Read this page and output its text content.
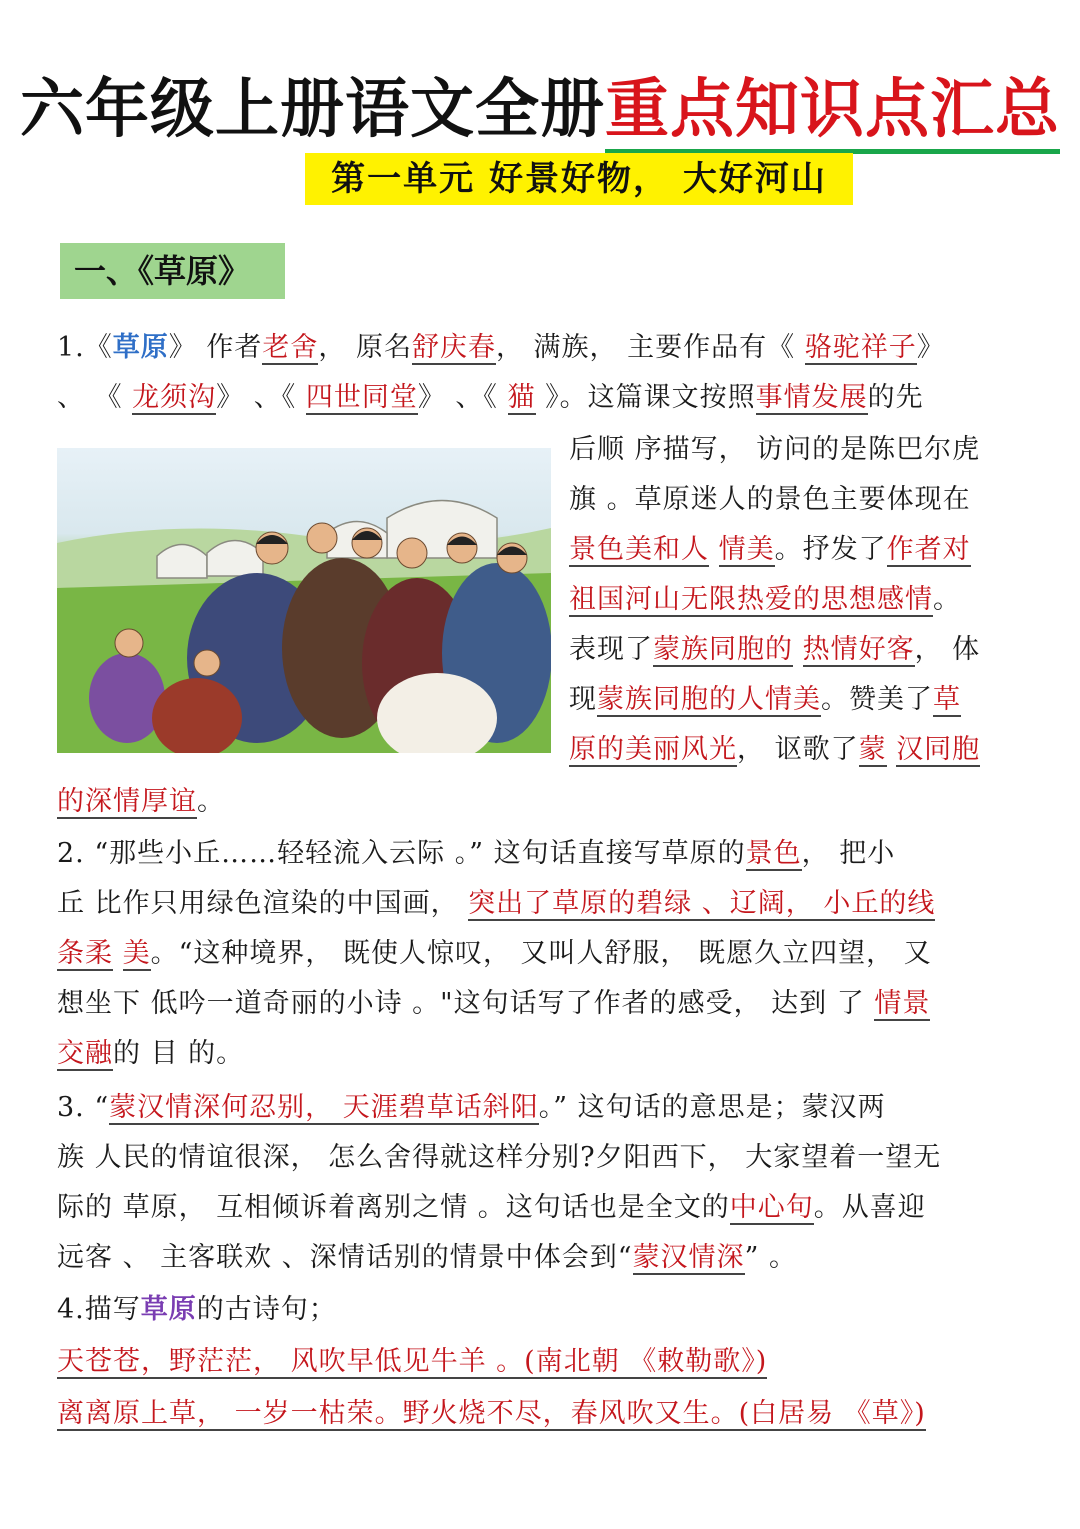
六年级上册语文全册重点知识点汇总
第一单元 好景好物， 大好河山
一、《草原》
1.《草原》 作者老舍， 原名舒庆春， 满族， 主要作品有《 骆驼祥子》
、 《 龙须沟》 、《 四世同堂》 、《 猫 》。这篇课文按照事情发展的先
后顺 序描写， 访问的是陈巴尔虎
旗 。草原迷人的景色主要体现在
景色美和人 情美。抒发了作者对
祖国河山无限热爱的思想感情。
表现了蒙族同胞的 热情好客， 体
现蒙族同胞的人情美。赞美了草
原的美丽风光， 讴歌了蒙 汉同胞
的深情厚谊。
2. “那些小丘……轻轻流入云际 。” 这句话直接写草原的景色， 把小
丘 比作只用绿色渲染的中国画， 突出了草原的碧绿 、辽阔， 小丘的线
条柔 美。“这种境界， 既使人惊叹， 又叫人舒服， 既愿久立四望， 又
想坐下 低吟一道奇丽的小诗 。"这句话写了作者的感受， 达到 了 情景
交融的 目 的。
3. “蒙汉情深何忍别， 天涯碧草话斜阳。” 这句话的意思是；蒙汉两
族 人民的情谊很深， 怎么舍得就这样分别?夕阳西下， 大家望着一望无
际的 草原， 互相倾诉着离别之情 。这句话也是全文的中心句。从喜迎
远客 、 主客联欢 、深情话别的情景中体会到“蒙汉情深” 。
4.描写草原的古诗句；
天苍苍，野茫茫， 风吹早低见牛羊 。(南北朝 《敕勒歌》)
离离原上草， 一岁一枯荣。野火烧不尽，春风吹又生。(白居易 《草》)
